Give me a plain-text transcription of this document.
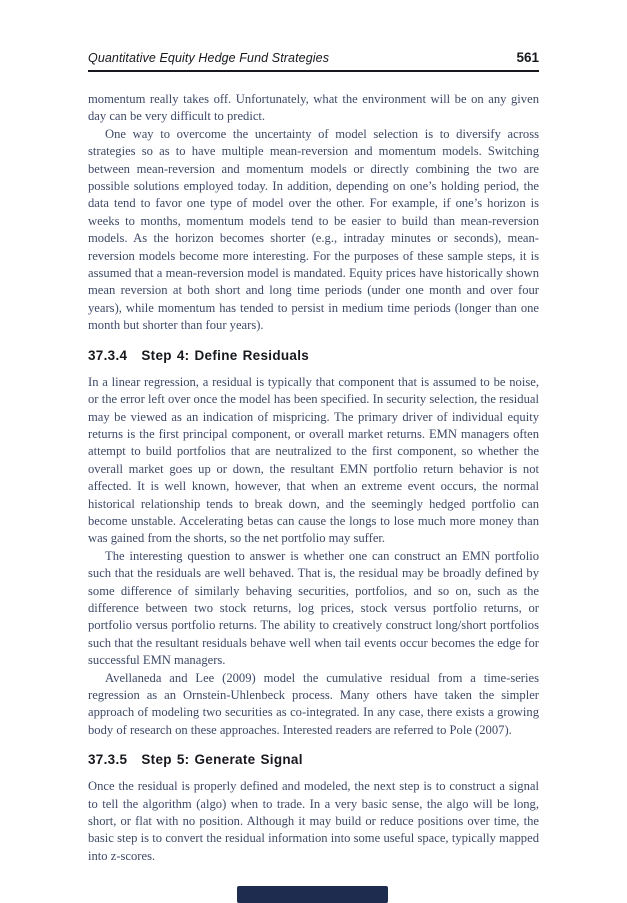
Quantitative Equity Hedge Fund Strategies	561

momentum really takes off. Unfortunately, what the environment will be on any given day can be very difficult to predict.

One way to overcome the uncertainty of model selection is to diversify across strategies so as to have multiple mean-reversion and momentum models. Switching between mean-reversion and momentum models or directly combining the two are possible solutions employed today. In addition, depending on one’s holding period, the data tend to favor one type of model over the other. For example, if one’s horizon is weeks to months, momentum models tend to be easier to build than mean-reversion models. As the horizon becomes shorter (e.g., intraday minutes or seconds), mean-reversion models become more interesting. For the purposes of these sample steps, it is assumed that a mean-reversion model is mandated. Equity prices have historically shown mean reversion at both short and long time periods (under one month and over four years), while momentum has tended to persist in medium time periods (longer than one month but shorter than four years).

37.3.4 Step 4: Define Residuals

In a linear regression, a residual is typically that component that is assumed to be noise, or the error left over once the model has been specified. In security selection, the residual may be viewed as an indication of mispricing. The primary driver of individual equity returns is the first principal component, or overall market returns. EMN managers often attempt to build portfolios that are neutralized to the first component, so whether the overall market goes up or down, the resultant EMN portfolio return behavior is not affected. It is well known, however, that when an extreme event occurs, the normal historical relationship tends to break down, and the seemingly hedged portfolio can become unstable. Accelerating betas can cause the longs to lose much more money than was gained from the shorts, so the net portfolio may suffer.

The interesting question to answer is whether one can construct an EMN portfolio such that the residuals are well behaved. That is, the residual may be broadly defined by some difference of similarly behaving securities, portfolios, and so on, such as the difference between two stock returns, log prices, stock versus portfolio returns, or portfolio versus portfolio returns. The ability to creatively construct long/short portfolios such that the resultant residuals behave well when tail events occur becomes the edge for successful EMN managers.

Avellaneda and Lee (2009) model the cumulative residual from a time-series regression as an Ornstein-Uhlenbeck process. Many others have taken the simpler approach of modeling two securities as co-integrated. In any case, there exists a growing body of research on these approaches. Interested readers are referred to Pole (2007).

37.3.5 Step 5: Generate Signal

Once the residual is properly defined and modeled, the next step is to construct a signal to tell the algorithm (algo) when to trade. In a very basic sense, the algo will be long, short, or flat with no position. Although it may build or reduce positions over time, the basic step is to convert the residual information into some useful space, typically mapped into z-scores.
